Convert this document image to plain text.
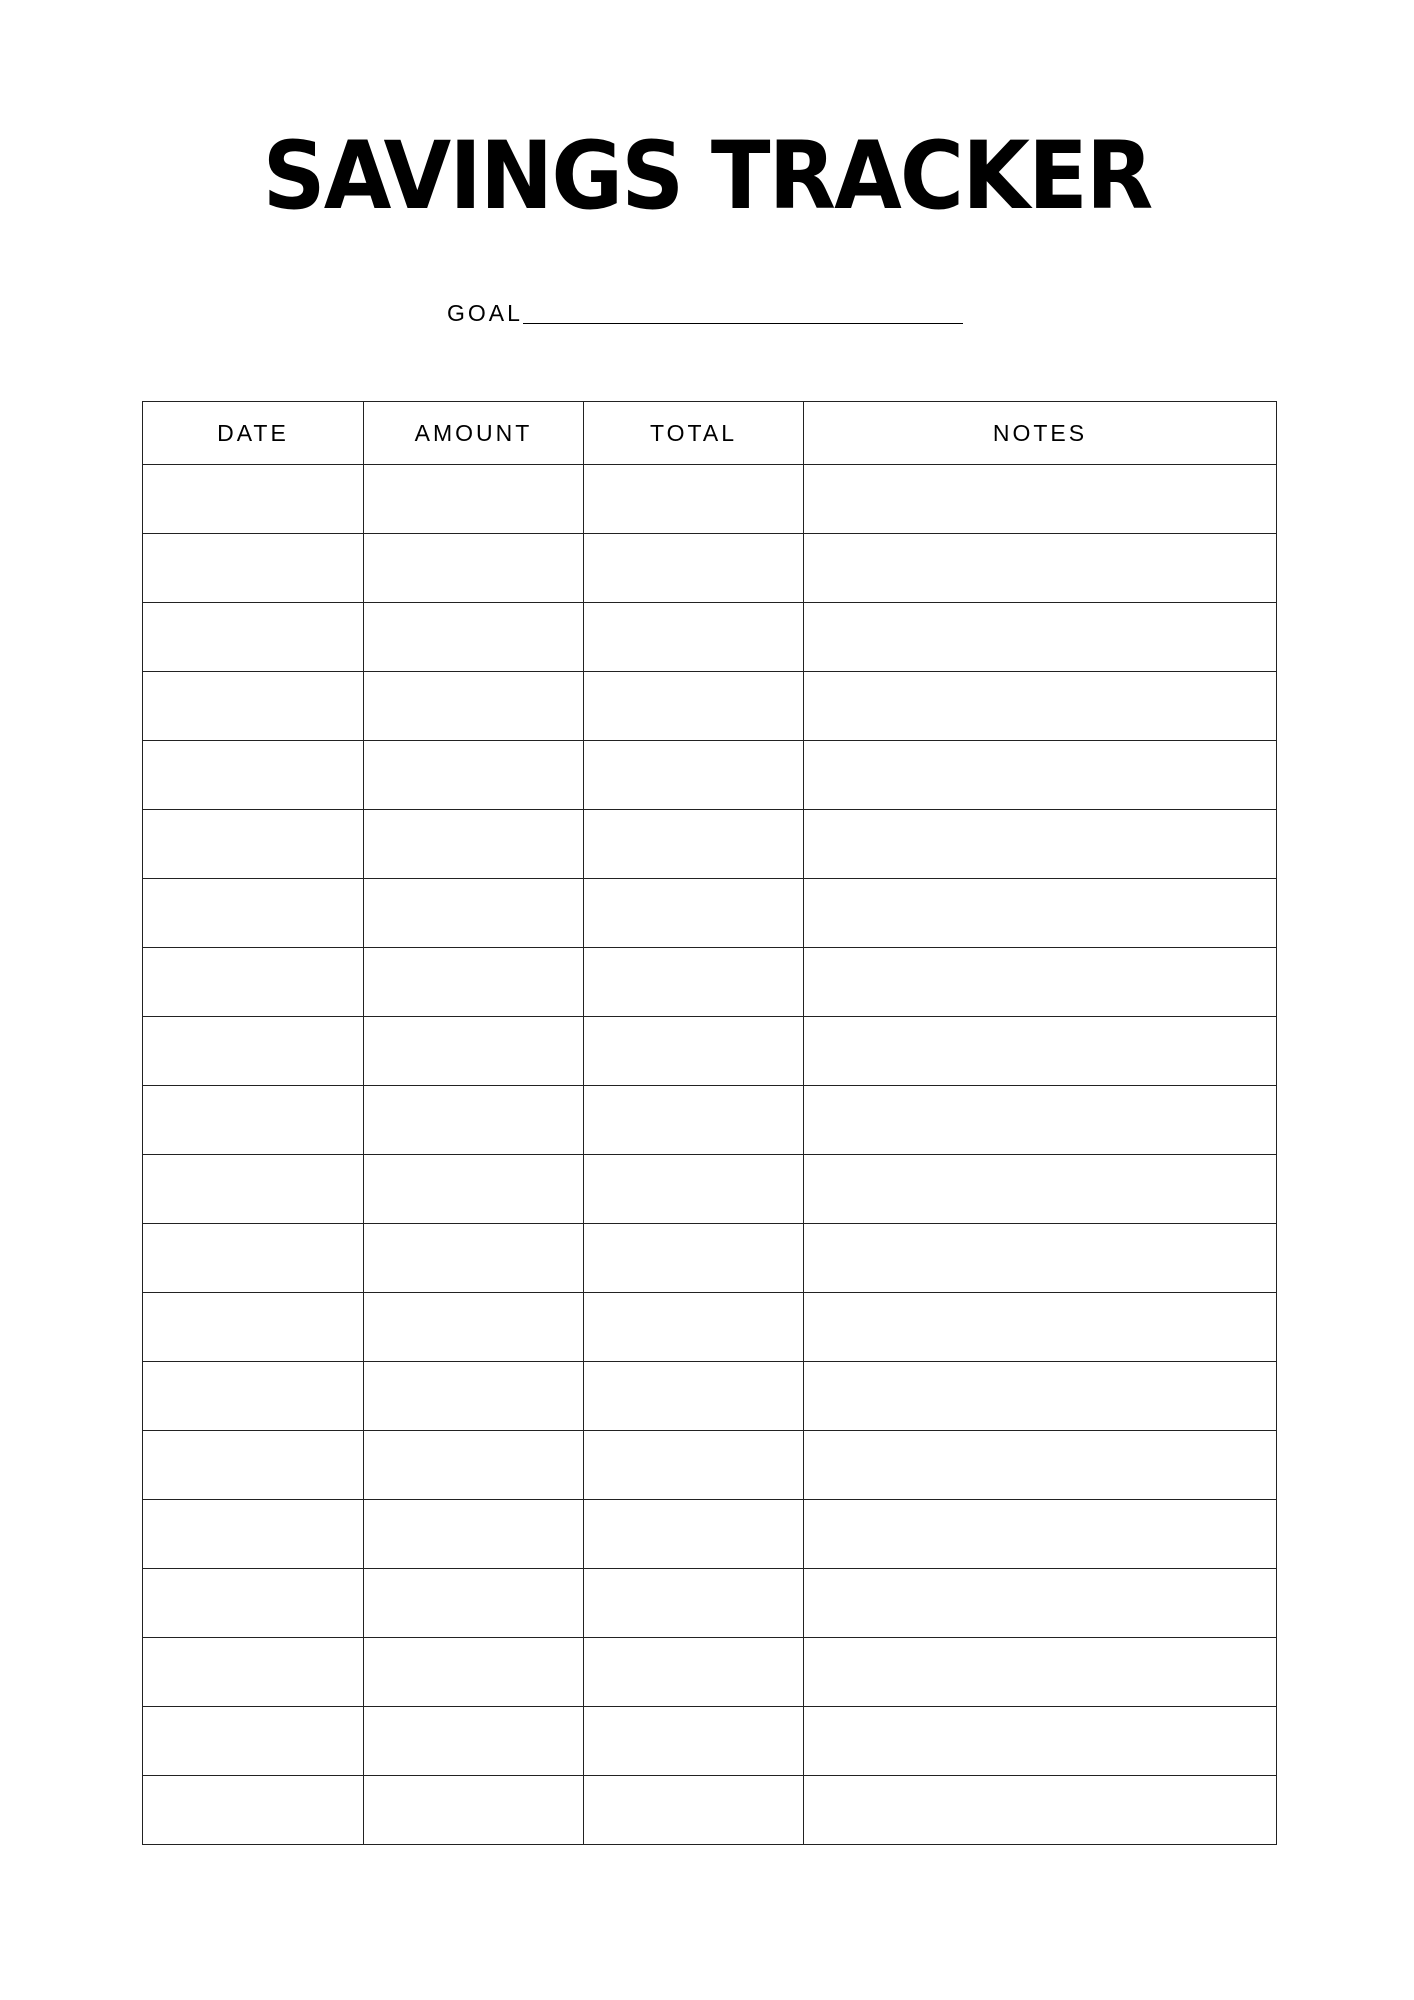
SAVINGS TRACKER
GOAL
DATE	AMOUNT	TOTAL	NOTES
